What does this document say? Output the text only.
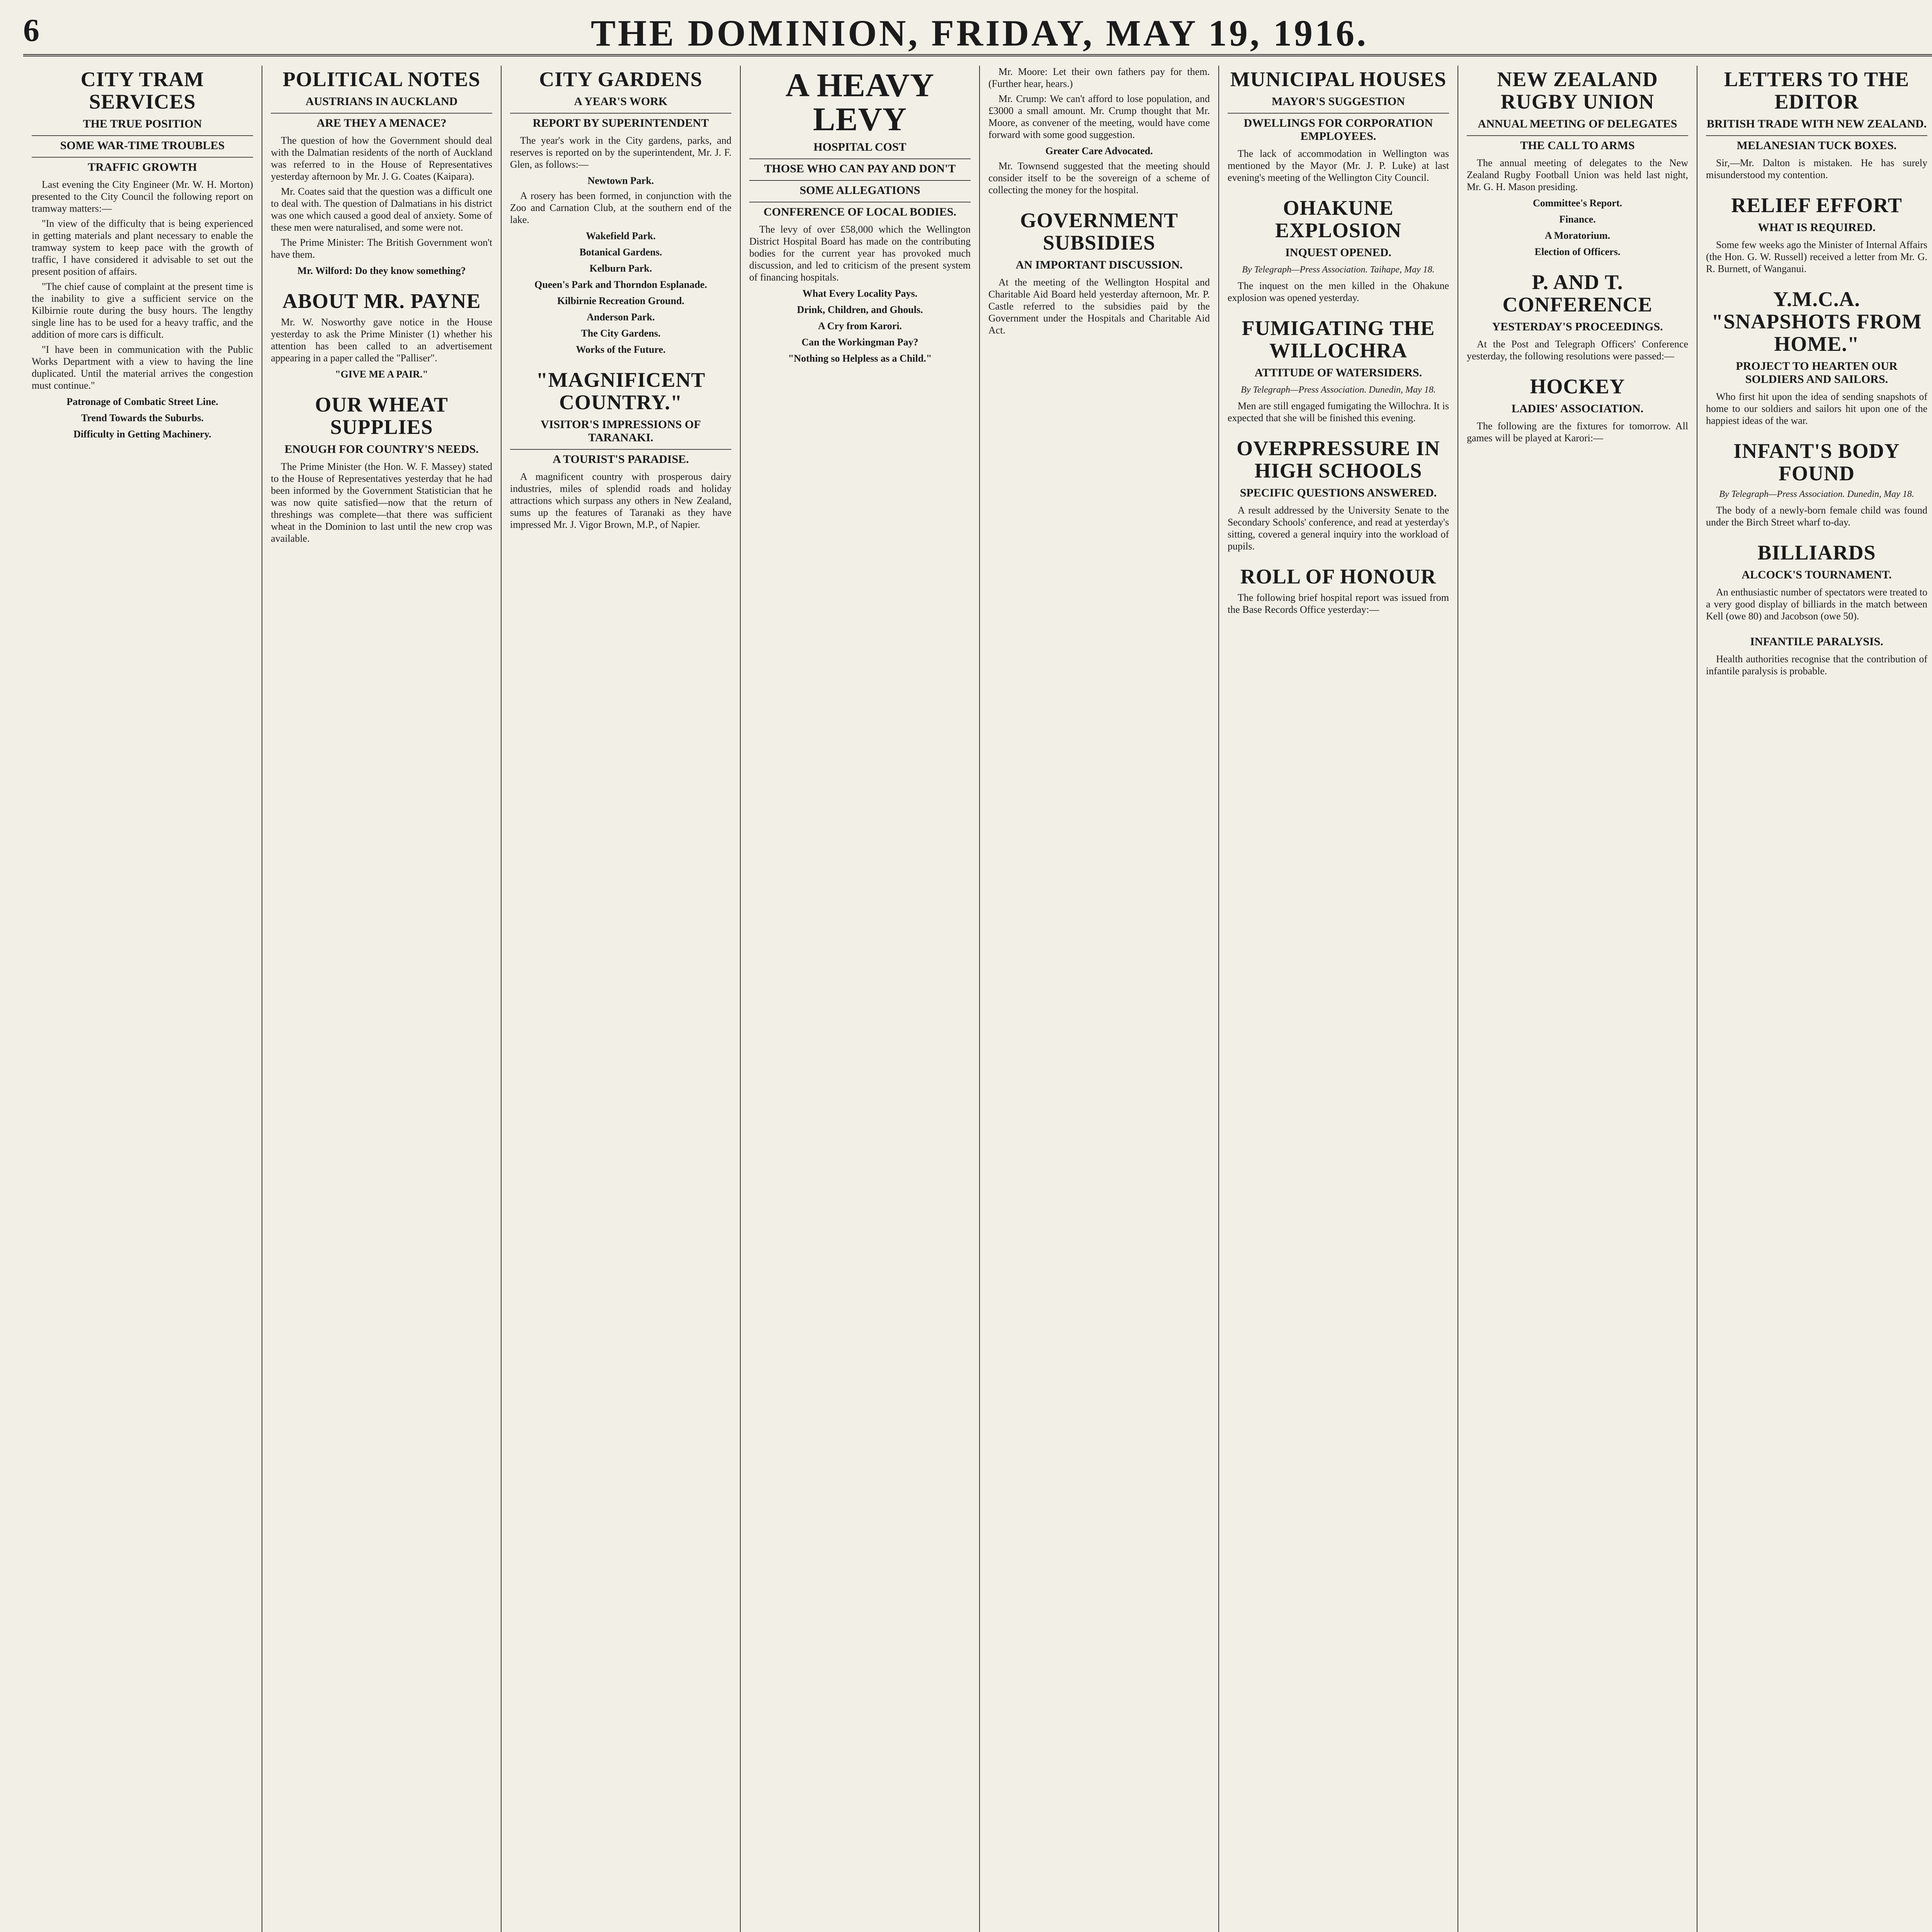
6	THE DOMINION, FRIDAY, MAY 19, 1916.
CITY TRAM SERVICES
THE TRUE POSITION
SOME WAR-TIME TROUBLES
TRAFFIC GROWTH

Last evening the City Engineer (Mr. W. H. Morton) presented to the City Council the following report on tramway matters:—

"In view of the difficulty that is being experienced in getting materials and plant necessary to enable the tramway system to keep pace with the growth of traffic, I have considered it advisable to set out the present position of affairs.

"The chief cause of complaint at the present time is the inability to give a sufficient service on the Kilbirnie route during the busy hours. The lengthy single line has to be used for a heavy traffic, and the addition of more cars is difficult.

"I have been in communication with the Public Works Department with a view to having the line duplicated. Until the material arrives the congestion must continue."

Patronage of Combatic Street Line.
Trend Towards the Suburbs.
Difficulty in Getting Machinery.
POLITICAL NOTES
AUSTRIANS IN AUCKLAND
ARE THEY A MENACE?

The question of how the Government should deal with the Dalmatian residents of the north of Auckland was referred to in the House of Representatives yesterday afternoon by Mr. J. G. Coates (Kaipara).

Mr. Coates said that the question was a difficult one to deal with. The question of Dalmatians in his district was one which caused a good deal of anxiety. Some of these men were naturalised, and some were not.

The Prime Minister: The British Government won't have them.

Mr. Wilford: Do they know something?
ABOUT MR. PAYNE

Mr. W. Nosworthy gave notice in the House yesterday to ask the Prime Minister (1) whether his attention has been called to an advertisement appearing in a paper called the "Palliser".

"GIVE ME A PAIR."
OUR WHEAT SUPPLIES
ENOUGH FOR COUNTRY'S NEEDS.

The Prime Minister (the Hon. W. F. Massey) stated to the House of Representatives yesterday that he had been informed by the Government Statistician that he was now quite satisfied—now that the return of threshings was complete—that there was sufficient wheat in the Dominion to last until the new crop was available.

CITY GARDENS
A YEAR'S WORK
REPORT BY SUPERINTENDENT

The year's work in the City gardens, parks, and reserves is reported on by the superintendent, Mr. J. F. Glen, as follows:—

Newtown Park.

A rosery has been formed, in conjunction with the Zoo and Carnation Club, at the southern end of the lake.

Wakefield Park.
Botanical Gardens.
Kelburn Park.
Queen's Park and Thorndon Esplanade.
Kilbirnie Recreation Ground.
Anderson Park.
The City Gardens.
Works of the Future.
"MAGNIFICENT COUNTRY."
VISITOR'S IMPRESSIONS OF TARANAKI.
A TOURIST'S PARADISE.

A magnificent country with prosperous dairy industries, miles of splendid roads and holiday attractions which surpass any others in New Zealand, sums up the features of Taranaki as they have impressed Mr. J. Vigor Brown, M.P., of Napier.

A HEAVY LEVY
HOSPITAL COST
THOSE WHO CAN PAY AND DON'T
SOME ALLEGATIONS
CONFERENCE OF LOCAL BODIES.

The levy of over £58,000 which the Wellington District Hospital Board has made on the contributing bodies for the current year has provoked much discussion, and led to criticism of the present system of financing hospitals.

What Every Locality Pays.
Drink, Children, and Ghouls.
A Cry from Karori.
Can the Workingman Pay?
"Nothing so Helpless as a Child."

Mr. Moore: Let their own fathers pay for them. (Further hear, hears.)

Mr. Crump: We can't afford to lose population, and £3000 a small amount. Mr. Crump thought that Mr. Moore, as convener of the meeting, would have come forward with some good suggestion.

Greater Care Advocated.

Mr. Townsend suggested that the meeting should consider itself to be the sovereign of a scheme of collecting the money for the hospital.

GOVERNMENT SUBSIDIES
AN IMPORTANT DISCUSSION.

At the meeting of the Wellington Hospital and Charitable Aid Board held yesterday afternoon, Mr. P. Castle referred to the subsidies paid by the Government under the Hospitals and Charitable Aid Act.

MUNICIPAL HOUSES
MAYOR'S SUGGESTION
DWELLINGS FOR CORPORATION EMPLOYEES.

The lack of accommodation in Wellington was mentioned by the Mayor (Mr. J. P. Luke) at last evening's meeting of the Wellington City Council.

OHAKUNE EXPLOSION
INQUEST OPENED.
By Telegraph—Press Association. Taihape, May 18.

The inquest on the men killed in the Ohakune explosion was opened yesterday.

FUMIGATING THE WILLOCHRA
ATTITUDE OF WATERSIDERS.
By Telegraph—Press Association. Dunedin, May 18.

Men are still engaged fumigating the Willochra. It is expected that she will be finished this evening.

OVERPRESSURE IN HIGH SCHOOLS
SPECIFIC QUESTIONS ANSWERED.

A result addressed by the University Senate to the Secondary Schools' conference, and read at yesterday's sitting, covered a general inquiry into the workload of pupils.

ROLL OF HONOUR

The following brief hospital report was issued from the Base Records Office yesterday:—

NEW ZEALAND RUGBY UNION
ANNUAL MEETING OF DELEGATES
THE CALL TO ARMS

The annual meeting of delegates to the New Zealand Rugby Football Union was held last night, Mr. G. H. Mason presiding.

Committee's Report.
Finance.
A Moratorium.
Election of Officers.
P. AND T. CONFERENCE
YESTERDAY'S PROCEEDINGS.

At the Post and Telegraph Officers' Conference yesterday, the following resolutions were passed:—

HOCKEY
LADIES' ASSOCIATION.

The following are the fixtures for tomorrow. All games will be played at Karori:—

LETTERS TO THE EDITOR
BRITISH TRADE WITH NEW ZEALAND.
MELANESIAN TUCK BOXES.

Sir,—Mr. Dalton is mistaken. He has surely misunderstood my contention.

RELIEF EFFORT
WHAT IS REQUIRED.

Some few weeks ago the Minister of Internal Affairs (the Hon. G. W. Russell) received a letter from Mr. G. R. Burnett, of Wanganui.

Y.M.C.A. "SNAPSHOTS FROM HOME."
PROJECT TO HEARTEN OUR SOLDIERS AND SAILORS.

Who first hit upon the idea of sending snapshots of home to our soldiers and sailors hit upon one of the happiest ideas of the war.

INFANT'S BODY FOUND
By Telegraph—Press Association. Dunedin, May 18.

The body of a newly-born female child was found under the Birch Street wharf to-day.

BILLIARDS
ALCOCK'S TOURNAMENT.

An enthusiastic number of spectators were treated to a very good display of billiards in the match between Kell (owe 80) and Jacobson (owe 50).

INFANTILE PARALYSIS.

Health authorities recognise that the contribution of infantile paralysis is probable.
